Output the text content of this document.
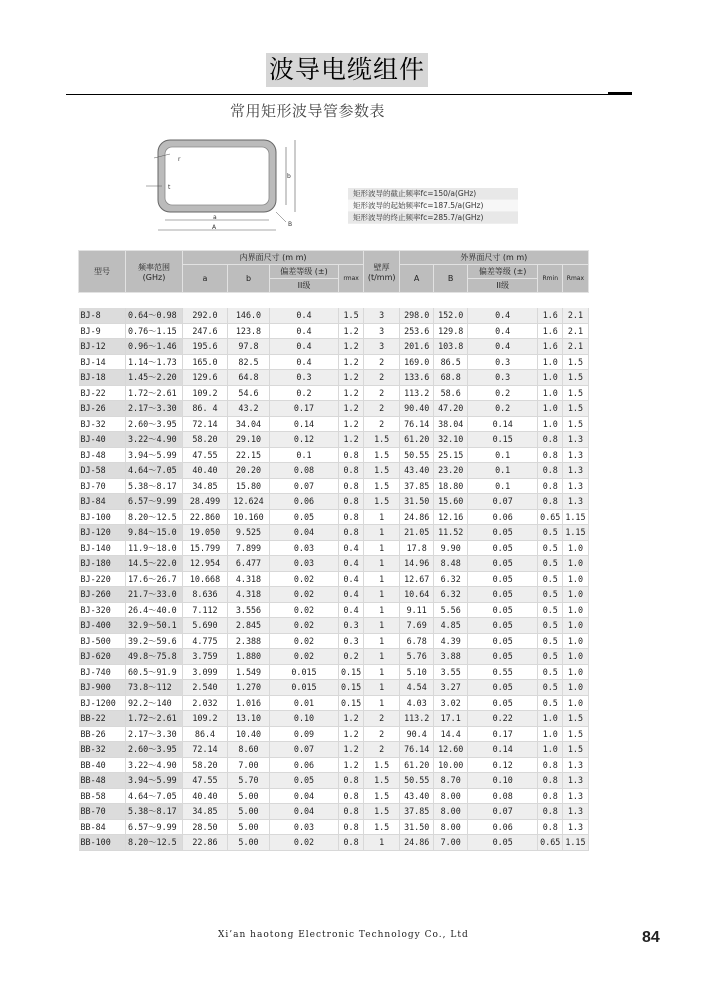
波导电缆组件
常用矩形波导管参数表
r
t
a
A
b
B
矩形波导的截止频率fc=150/a(GHz)
矩形波导的起始频率fc=187.5/a(GHz)
矩形波导的终止频率fc=285.7/a(GHz)
型号	频率范围
(GHz)	内界面尺寸 (m m)				壁厚
(t/mm)	外界面尺寸 (m m)				
		a	b	偏差等级 (±)	rmax		A	B	偏差等级 (±)	Rmin	Rmax
				II级					II级		

BJ-8	0.64～0.98	292.0	146.0	0.4	1.5	3	298.0	152.0	0.4	1.6	2.1
BJ-9	0.76～1.15	247.6	123.8	0.4	1.2	3	253.6	129.8	0.4	1.6	2.1
BJ-12	0.96～1.46	195.6	97.8	0.4	1.2	3	201.6	103.8	0.4	1.6	2.1
BJ-14	1.14～1.73	165.0	82.5	0.4	1.2	2	169.0	86.5	0.3	1.0	1.5
BJ-18	1.45～2.20	129.6	64.8	0.3	1.2	2	133.6	68.8	0.3	1.0	1.5
BJ-22	1.72～2.61	109.2	54.6	0.2	1.2	2	113.2	58.6	0.2	1.0	1.5
BJ-26	2.17～3.30	86. 4	43.2	0.17	1.2	2	90.40	47.20	0.2	1.0	1.5
BJ-32	2.60～3.95	72.14	34.04	0.14	1.2	2	76.14	38.04	0.14	1.0	1.5
BJ-40	3.22～4.90	58.20	29.10	0.12	1.2	1.5	61.20	32.10	0.15	0.8	1.3
BJ-48	3.94～5.99	47.55	22.15	0.1	0.8	1.5	50.55	25.15	0.1	0.8	1.3
DJ-58	4.64～7.05	40.40	20.20	0.08	0.8	1.5	43.40	23.20	0.1	0.8	1.3
BJ-70	5.38～8.17	34.85	15.80	0.07	0.8	1.5	37.85	18.80	0.1	0.8	1.3
BJ-84	6.57～9.99	28.499	12.624	0.06	0.8	1.5	31.50	15.60	0.07	0.8	1.3
BJ-100	8.20～12.5	22.860	10.160	0.05	0.8	1	24.86	12.16	0.06	0.65	1.15
BJ-120	9.84～15.0	19.050	9.525	0.04	0.8	1	21.05	11.52	0.05	0.5	1.15
BJ-140	11.9～18.0	15.799	7.899	0.03	0.4	1	17.8	9.90	0.05	0.5	1.0
BJ-180	14.5～22.0	12.954	6.477	0.03	0.4	1	14.96	8.48	0.05	0.5	1.0
BJ-220	17.6～26.7	10.668	4.318	0.02	0.4	1	12.67	6.32	0.05	0.5	1.0
BJ-260	21.7～33.0	8.636	4.318	0.02	0.4	1	10.64	6.32	0.05	0.5	1.0
BJ-320	26.4～40.0	7.112	3.556	0.02	0.4	1	9.11	5.56	0.05	0.5	1.0
BJ-400	32.9～50.1	5.690	2.845	0.02	0.3	1	7.69	4.85	0.05	0.5	1.0
BJ-500	39.2～59.6	4.775	2.388	0.02	0.3	1	6.78	4.39	0.05	0.5	1.0
BJ-620	49.8～75.8	3.759	1.880	0.02	0.2	1	5.76	3.88	0.05	0.5	1.0
BJ-740	60.5～91.9	3.099	1.549	0.015	0.15	1	5.10	3.55	0.55	0.5	1.0
BJ-900	73.8～112	2.540	1.270	0.015	0.15	1	4.54	3.27	0.05	0.5	1.0
BJ-1200	92.2～140	2.032	1.016	0.01	0.15	1	4.03	3.02	0.05	0.5	1.0
BB-22	1.72～2.61	109.2	13.10	0.10	1.2	2	113.2	17.1	0.22	1.0	1.5
BB-26	2.17～3.30	86.4	10.40	0.09	1.2	2	90.4	14.4	0.17	1.0	1.5
BB-32	2.60～3.95	72.14	8.60	0.07	1.2	2	76.14	12.60	0.14	1.0	1.5
BB-40	3.22～4.90	58.20	7.00	0.06	1.2	1.5	61.20	10.00	0.12	0.8	1.3
BB-48	3.94～5.99	47.55	5.70	0.05	0.8	1.5	50.55	8.70	0.10	0.8	1.3
BB-58	4.64～7.05	40.40	5.00	0.04	0.8	1.5	43.40	8.00	0.08	0.8	1.3
BB-70	5.38～8.17	34.85	5.00	0.04	0.8	1.5	37.85	8.00	0.07	0.8	1.3
BB-84	6.57～9.99	28.50	5.00	0.03	0.8	1.5	31.50	8.00	0.06	0.8	1.3
BB-100	8.20～12.5	22.86	5.00	0.02	0.8	1	24.86	7.00	0.05	0.65	1.15
Xi’an haotong Electronic Technology Co., Ltd	84
